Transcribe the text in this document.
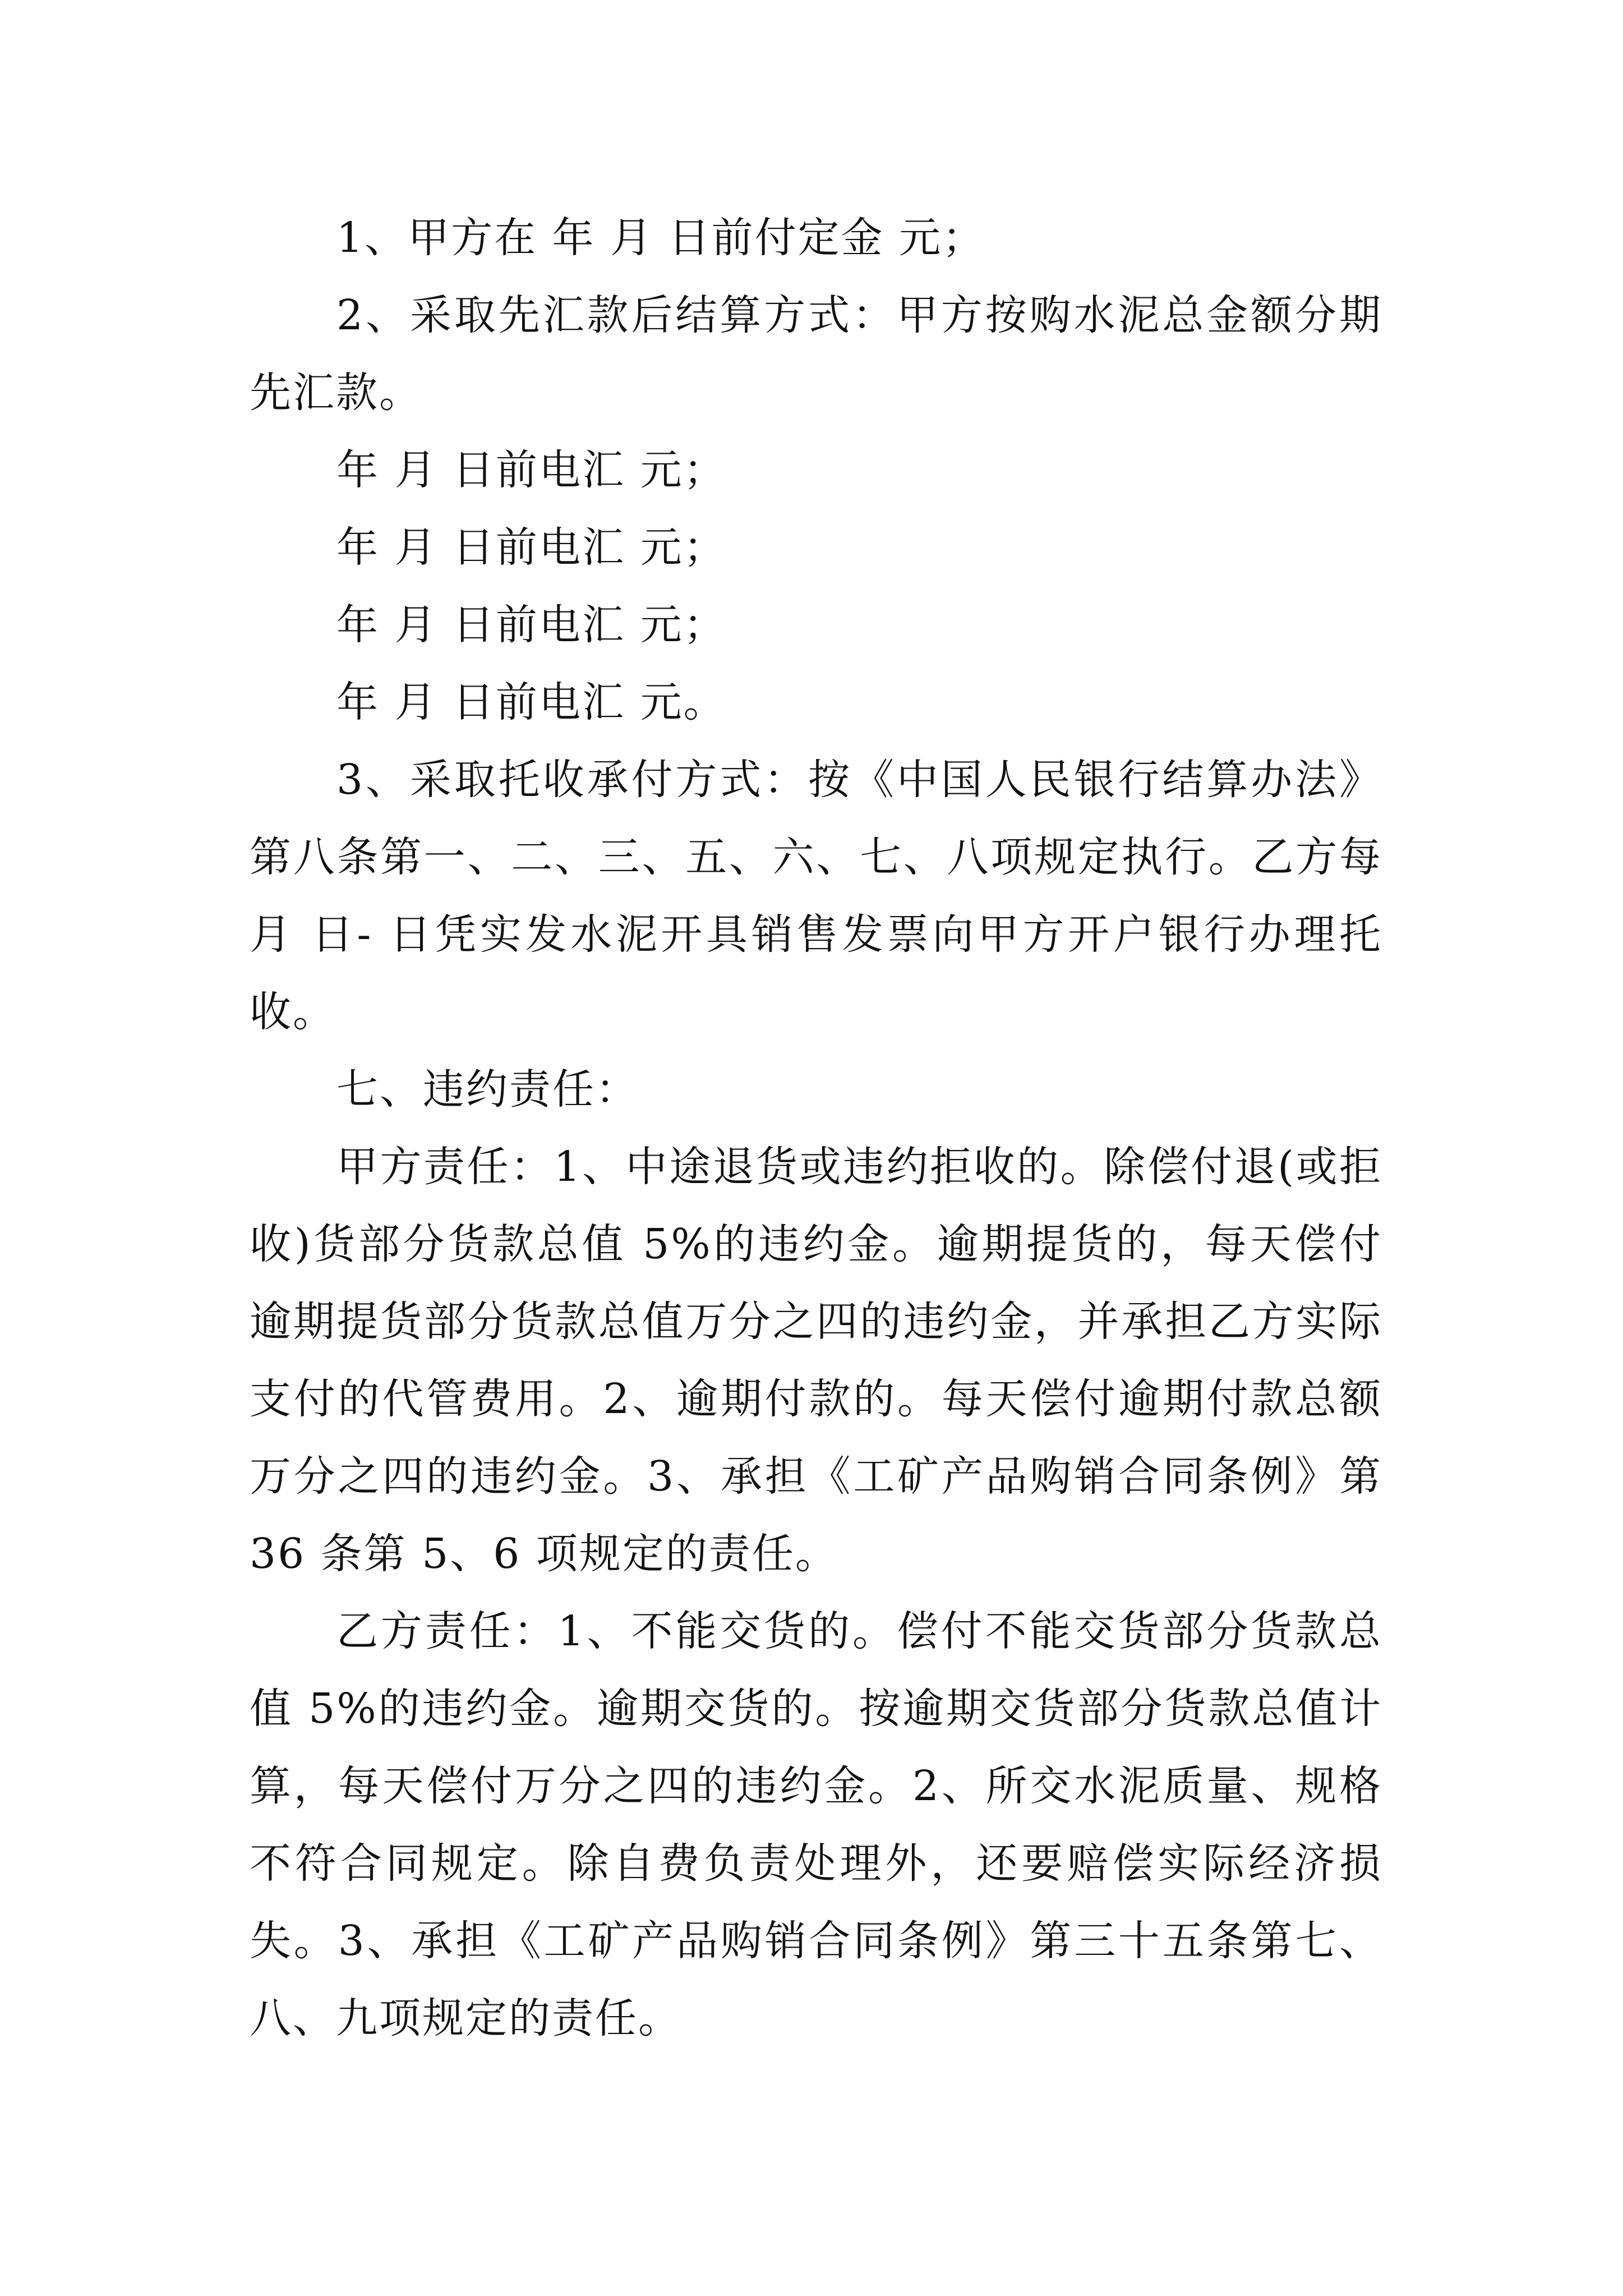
1、甲方在 年 月 日前付定金 元；

2、采取先汇款后结算方式：甲方按购水泥总金额分期先汇款。

年 月 日前电汇 元；

年 月 日前电汇 元；

年 月 日前电汇 元；

年 月 日前电汇 元。

3、采取托收承付方式：按《中国人民银行结算办法》第八条第一、二、三、五、六、七、八项规定执行。乙方每月 日- 日凭实发水泥开具销售发票向甲方开户银行办理托收。

七、违约责任：

甲方责任：1、中途退货或违约拒收的。除偿付退(或拒收)货部分货款总值 5%的违约金。逾期提货的，每天偿付逾期提货部分货款总值万分之四的违约金，并承担乙方实际支付的代管费用。2、逾期付款的。每天偿付逾期付款总额万分之四的违约金。3、承担《工矿产品购销合同条例》第 36 条第 5、6 项规定的责任。

乙方责任：1、不能交货的。偿付不能交货部分货款总值 5%的违约金。逾期交货的。按逾期交货部分货款总值计算，每天偿付万分之四的违约金。2、所交水泥质量、规格不符合同规定。除自费负责处理外，还要赔偿实际经济损失。3、承担《工矿产品购销合同条例》第三十五条第七、八、九项规定的责任。
